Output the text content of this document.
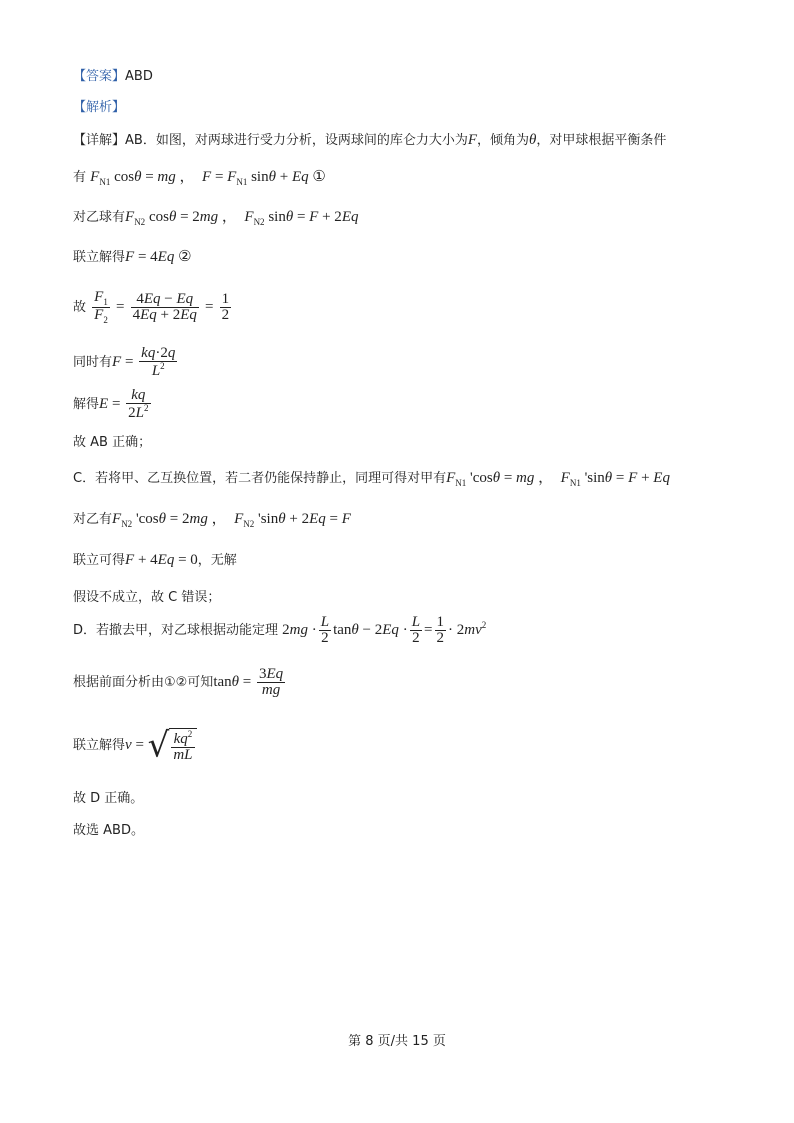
【答案】ABD
【解析】
【详解】AB．如图，对两球进行受力分析，设两球间的库仑力大小为F，倾角为θ，对甲球根据平衡条件
有 $F_{N1}$ cosθ = mg ，  $F = F_{N1}$ sinθ + Eq ①
对乙球有$F_{N2}$ cosθ = 2mg ，  $F_{N2}$ sinθ = F + 2Eq
联立解得F = 4Eq ②
故 $\frac{F_1}{F_2} = \frac{4Eq - Eq}{4Eq + 2Eq} = \frac{1}{2}$
同时有$F = \frac{kq\cdot 2q}{L^2}$
解得$E = \frac{kq}{2L^2}$
故 AB 正确；
C．若将甲、乙互换位置，若二者仍能保持静止，同理可得对甲有$F_{N1}$ 'cosθ = mg ，  $F_{N1}$ 'sinθ = F + Eq
对乙有$F_{N2}$ 'cosθ = 2mg ，  $F_{N2}$ 'sinθ + 2Eq = F
联立可得F + 4Eq = 0，无解
假设不成立，故 C 错误；
D．若撤去甲，对乙球根据动能定理 $2mg \cdot \frac{L}{2}$ $\tan\theta - 2Eq \cdot \frac{L}{2} = \frac{1}{2} \cdot 2mv^2$
根据前面分析由①②可知$\tan\theta = \frac{3Eq}{mg}$
联立解得v = √ $\frac{kq^2}{mL}$
故 D 正确。
故选 ABD。
第 8 页/共 15 页
